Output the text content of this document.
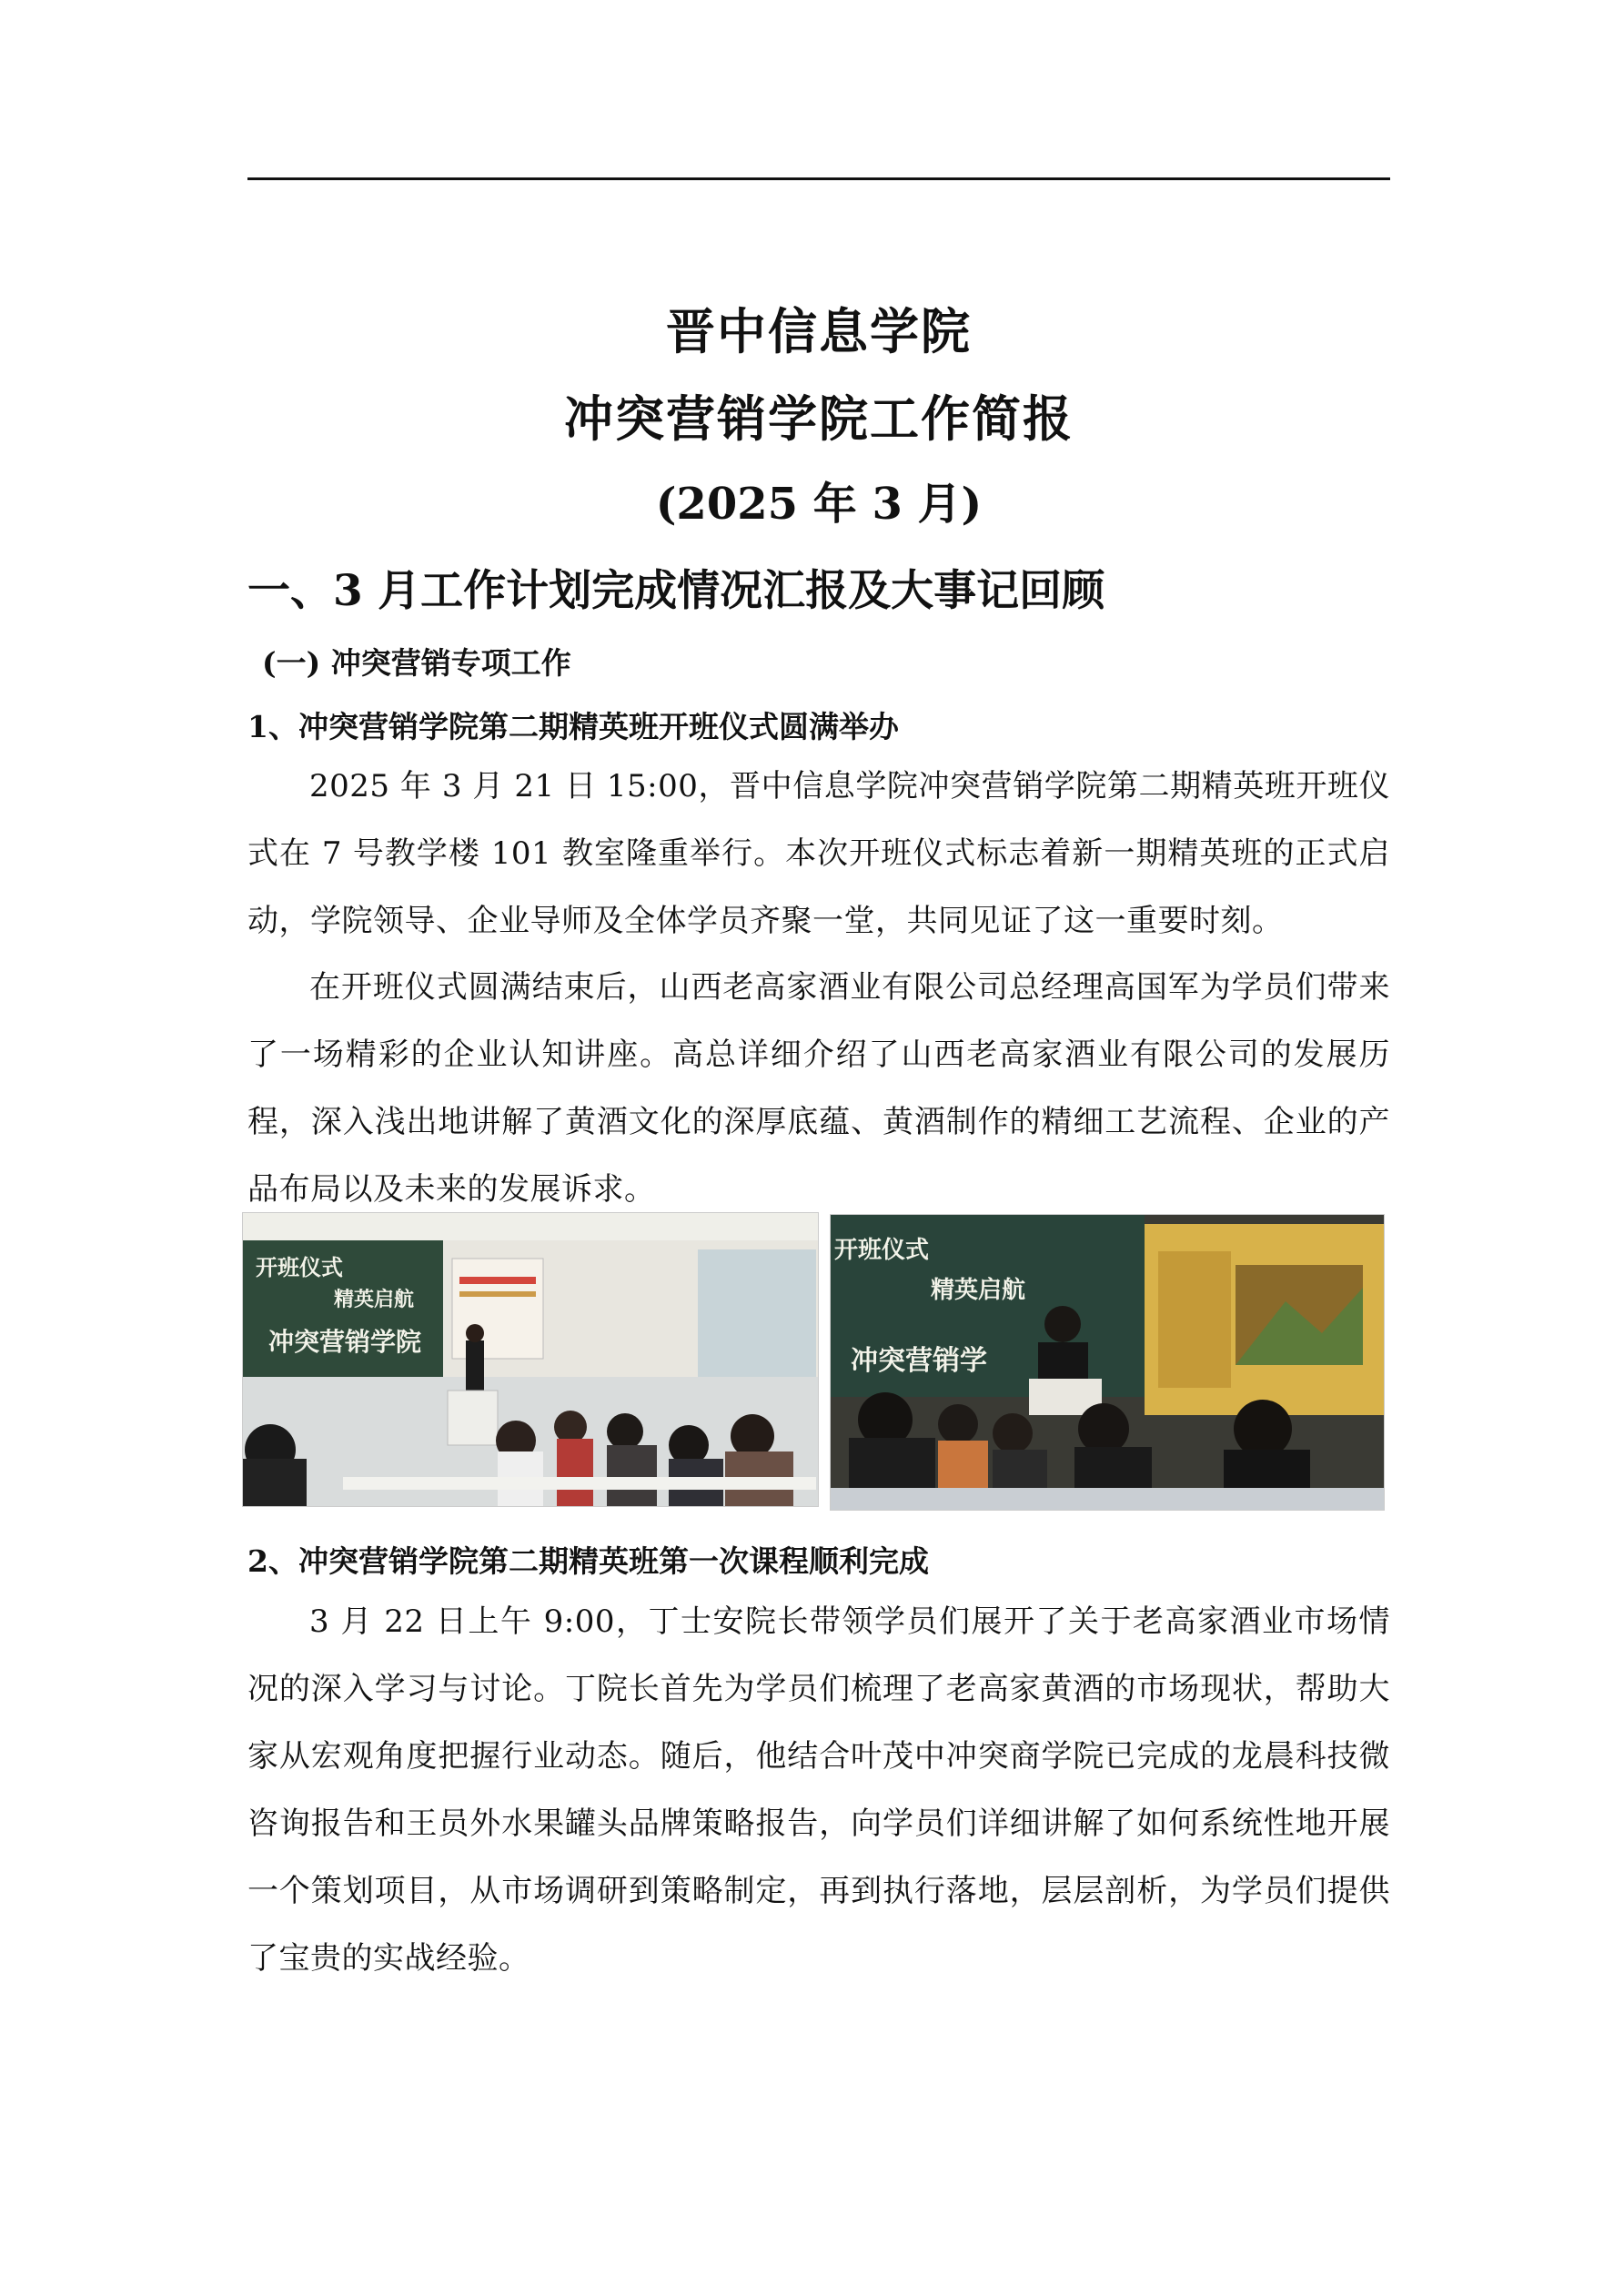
晋中信息学院
冲突营销学院工作简报
(2025 年 3 月)
一、3 月工作计划完成情况汇报及大事记回顾
(一) 冲突营销专项工作
1、冲突营销学院第二期精英班开班仪式圆满举办
2025 年 3 月 21 日 15:00，晋中信息学院冲突营销学院第二期精英班开班仪式在 7 号教学楼 101 教室隆重举行。本次开班仪式标志着新一期精英班的正式启动，学院领导、企业导师及全体学员齐聚一堂，共同见证了这一重要时刻。
在开班仪式圆满结束后，山西老高家酒业有限公司总经理高国军为学员们带来了一场精彩的企业认知讲座。高总详细介绍了山西老高家酒业有限公司的发展历程，深入浅出地讲解了黄酒文化的深厚底蕴、黄酒制作的精细工艺流程、企业的产品布局以及未来的发展诉求。
开班仪式
精英启航
冲突营销学院
开班仪式
精英启航
冲突营销学
2、冲突营销学院第二期精英班第一次课程顺利完成
3 月 22 日上午 9:00，丁士安院长带领学员们展开了关于老高家酒业市场情况的深入学习与讨论。丁院长首先为学员们梳理了老高家黄酒的市场现状，帮助大家从宏观角度把握行业动态。随后，他结合叶茂中冲突商学院已完成的龙晨科技微咨询报告和王员外水果罐头品牌策略报告，向学员们详细讲解了如何系统性地开展一个策划项目，从市场调研到策略制定，再到执行落地，层层剖析，为学员们提供了宝贵的实战经验。
